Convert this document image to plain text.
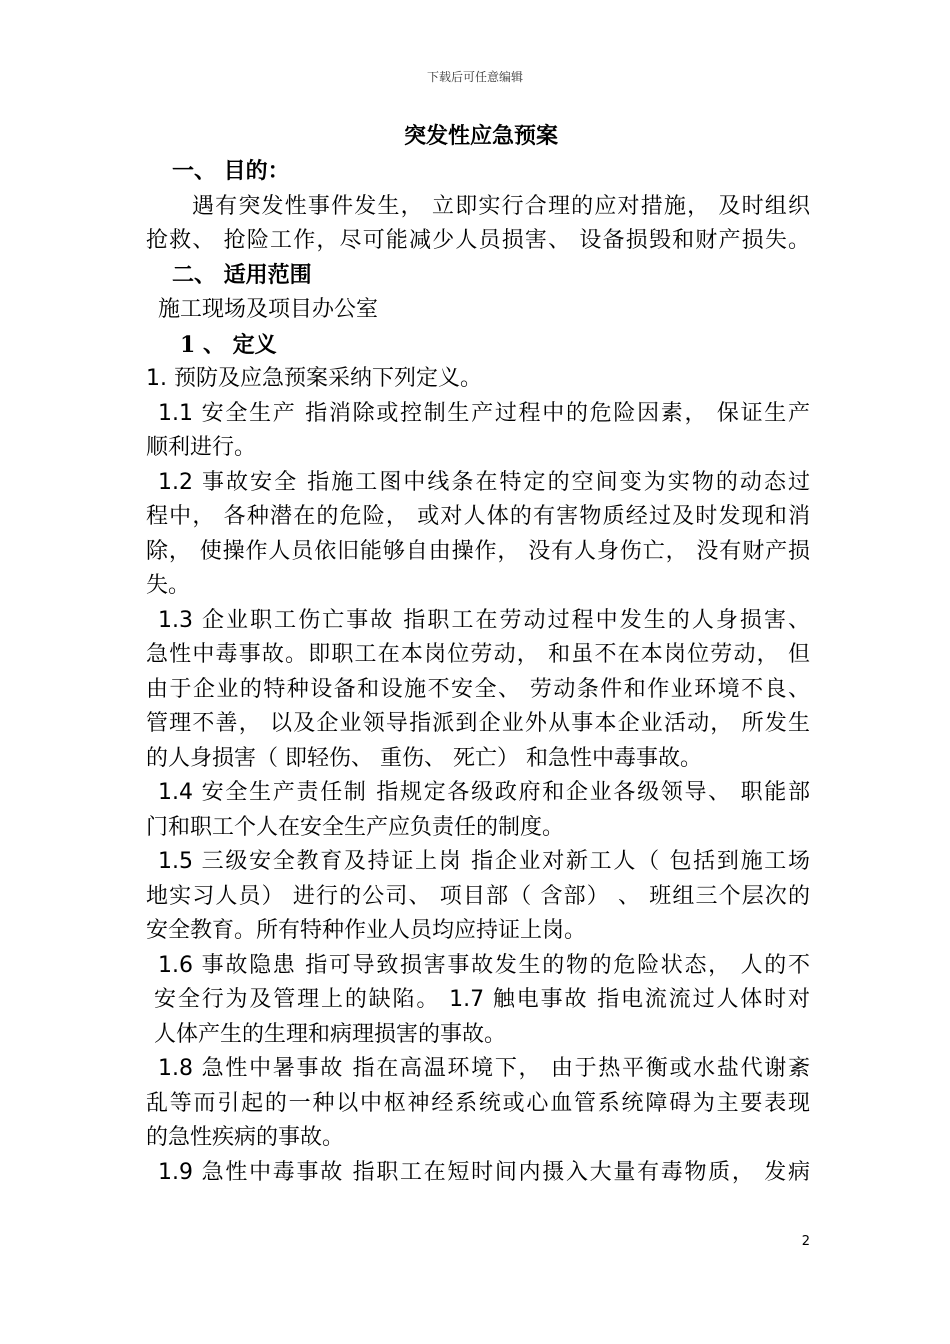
下载后可任意编辑
突发性应急预案
一、 目的：
遇有突发性事件发生， 立即实行合理的应对措施， 及时组织
抢救、 抢险工作，尽可能减少人员损害、 设备损毁和财产损失。
二、 适用范围
施工现场及项目办公室
1 、 定义
1. 预防及应急预案采纳下列定义。
1.1 安全生产 指消除或控制生产过程中的危险因素， 保证生产
顺利进行。
1.2 事故安全 指施工图中线条在特定的空间变为实物的动态过
程中， 各种潜在的危险， 或对人体的有害物质经过及时发现和消
除， 使操作人员依旧能够自由操作， 没有人身伤亡， 没有财产损
失。
1.3 企业职工伤亡事故 指职工在劳动过程中发生的人身损害、
急性中毒事故。即职工在本岗位劳动， 和虽不在本岗位劳动， 但
由于企业的特种设备和设施不安全、 劳动条件和作业环境不良、
管理不善， 以及企业领导指派到企业外从事本企业活动， 所发生
的人身损害（ 即轻伤、 重伤、 死亡） 和急性中毒事故。
1.4 安全生产责任制 指规定各级政府和企业各级领导、 职能部
门和职工个人在安全生产应负责任的制度。
1.5 三级安全教育及持证上岗 指企业对新工人（ 包括到施工场
地实习人员） 进行的公司、 项目部（ 含部） 、 班组三个层次的
安全教育。所有特种作业人员均应持证上岗。
1.6 事故隐患 指可导致损害事故发生的物的危险状态， 人的不
安全行为及管理上的缺陷。 1.7 触电事故 指电流流过人体时对
人体产生的生理和病理损害的事故。
1.8 急性中暑事故 指在高温环境下， 由于热平衡或水盐代谢紊
乱等而引起的一种以中枢神经系统或心血管系统障碍为主要表现
的急性疾病的事故。
1.9 急性中毒事故 指职工在短时间内摄入大量有毒物质， 发病
2
